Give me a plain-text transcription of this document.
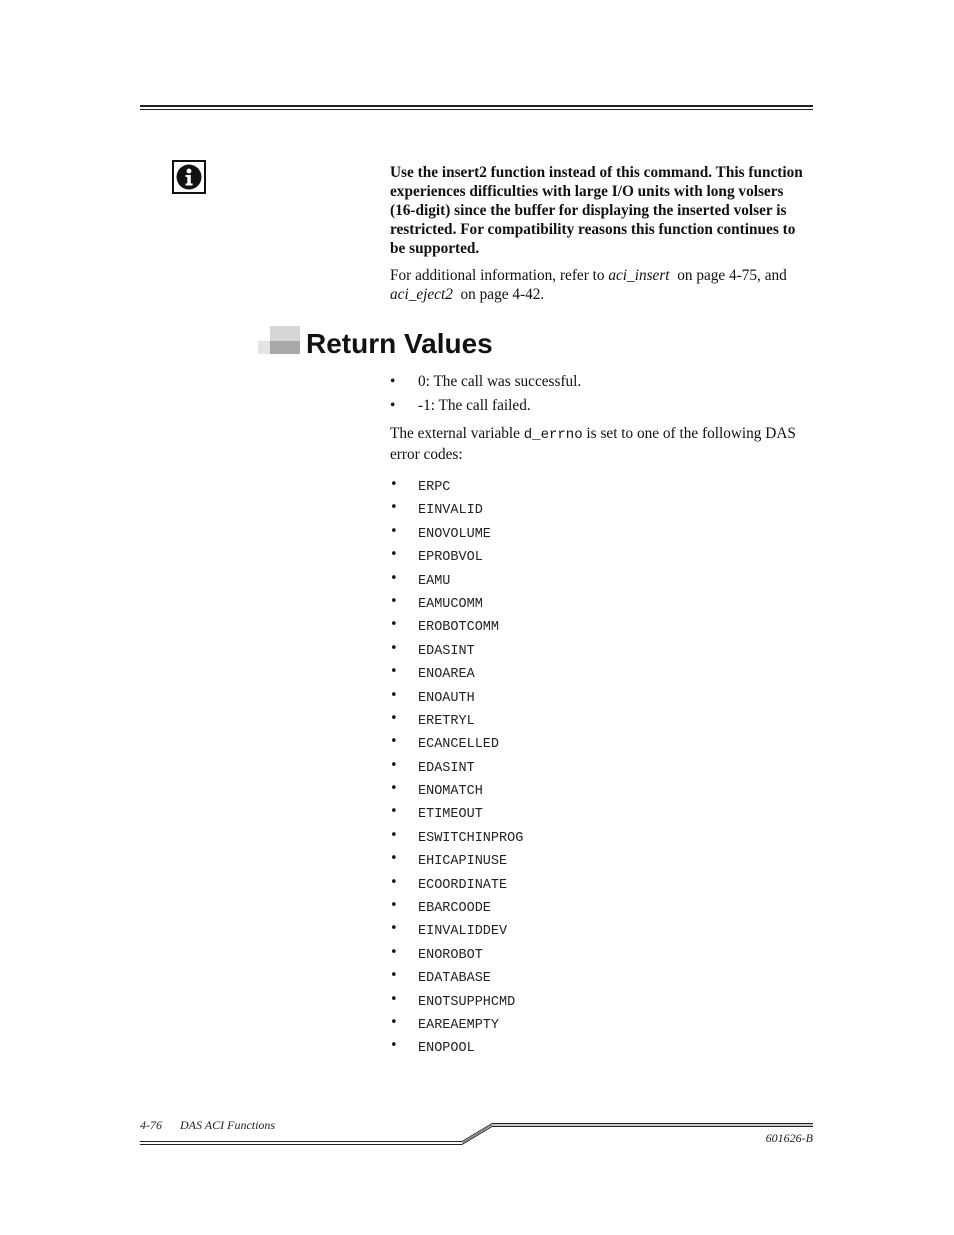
Use the insert2 function instead of this command. This function experiences difficulties with large I/O units with long volsers (16-digit) since the buffer for displaying the inserted volser is restricted. For compatibility reasons this function continues to be supported.
For additional information, refer to aci_insert  on page 4-75, and aci_eject2  on page 4-42.
Return Values
• 0: The call was successful.
• -1: The call failed.
The external variable d_errno is set to one of the following DAS error codes:
• ERPC
• EINVALID
• ENOVOLUME
• EPROBVOL
• EAMU
• EAMUCOMM
• EROBOTCOMM
• EDASINT
• ENOAREA
• ENOAUTH
• ERETRYL
• ECANCELLED
• EDASINT
• ENOMATCH
• ETIMEOUT
• ESWITCHINPROG
• EHICAPINUSE
• ECOORDINATE
• EBARCOODE
• EINVALIDDEV
• ENOROBOT
• EDATABASE
• ENOTSUPPHCMD
• EAREAEMPTY
• ENOPOOL
4-76 DAS ACI Functions
601626-B
